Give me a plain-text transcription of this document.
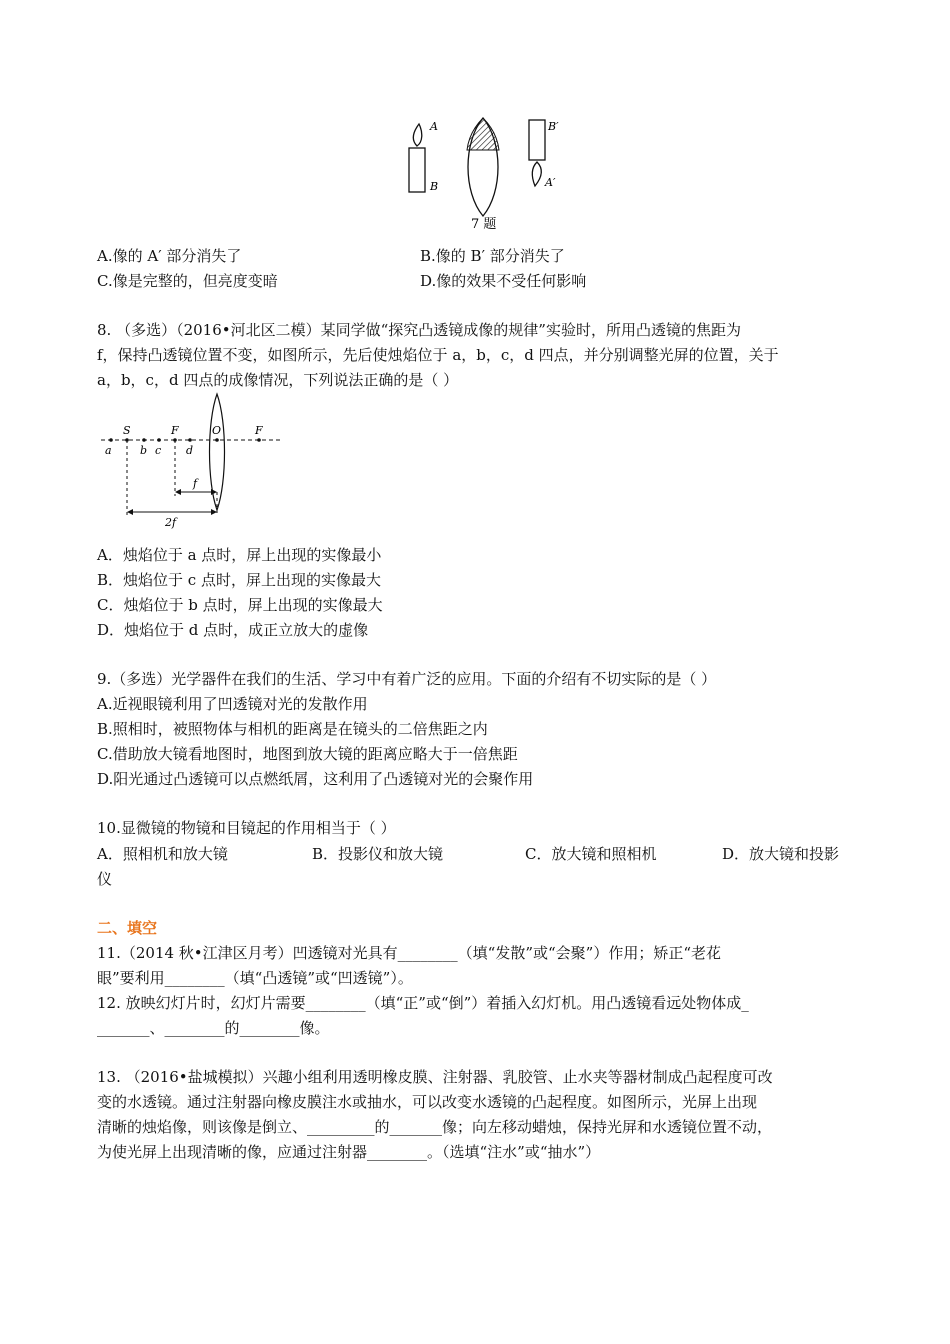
A
B
B′
A′
7 题
A.像的 A′ 部分消失了	B.像的 B′ 部分消失了
C.像是完整的，但亮度变暗	D.像的效果不受任何影响
8. （多选）（2016•河北区二模）某同学做“探究凸透镜成像的规律”实验时，所用凸透镜的焦距为
f，保持凸透镜位置不变，如图所示，先后使烛焰位于 a，b，c，d 四点，并分别调整光屏的位置，关于
a，b，c，d 四点的成像情况，下列说法正确的是（ ）
S	F	O	F
a	b c d
f
2f
A．烛焰位于 a 点时，屏上出现的实像最小
B．烛焰位于 c 点时，屏上出现的实像最大
C．烛焰位于 b 点时，屏上出现的实像最大
D．烛焰位于 d 点时，成正立放大的虚像
9.（多选）光学器件在我们的生活、学习中有着广泛的应用。下面的介绍有不切实际的是（ ）
A.近视眼镜利用了凹透镜对光的发散作用
B.照相时，被照物体与相机的距离是在镜头的二倍焦距之内
C.借助放大镜看地图时，地图到放大镜的距离应略大于一倍焦距
D.阳光通过凸透镜可以点燃纸屑，这利用了凸透镜对光的会聚作用
10.显微镜的物镜和目镜起的作用相当于（ ）
A．照相机和放大镜	B．投影仪和放大镜	C．放大镜和照相机	D．放大镜和投影
仪
二、填空
11.（2014 秋•江津区月考）凹透镜对光具有________（填“发散”或“会聚”）作用；矫正“老花
眼”要利用________（填“凸透镜”或“凹透镜”）。
12. 放映幻灯片时，幻灯片需要________（填“正”或“倒”）着插入幻灯机。用凸透镜看远处物体成_
_______、________的________像。
13. （2016•盐城模拟）兴趣小组利用透明橡皮膜、注射器、乳胶管、止水夹等器材制成凸起程度可改
变的水透镜。通过注射器向橡皮膜注水或抽水，可以改变水透镜的凸起程度。如图所示，光屏上出现
清晰的烛焰像，则该像是倒立、_________的_______像；向左移动蜡烛，保持光屏和水透镜位置不动，
为使光屏上出现清晰的像，应通过注射器________。（选填“注水”或“抽水”）
